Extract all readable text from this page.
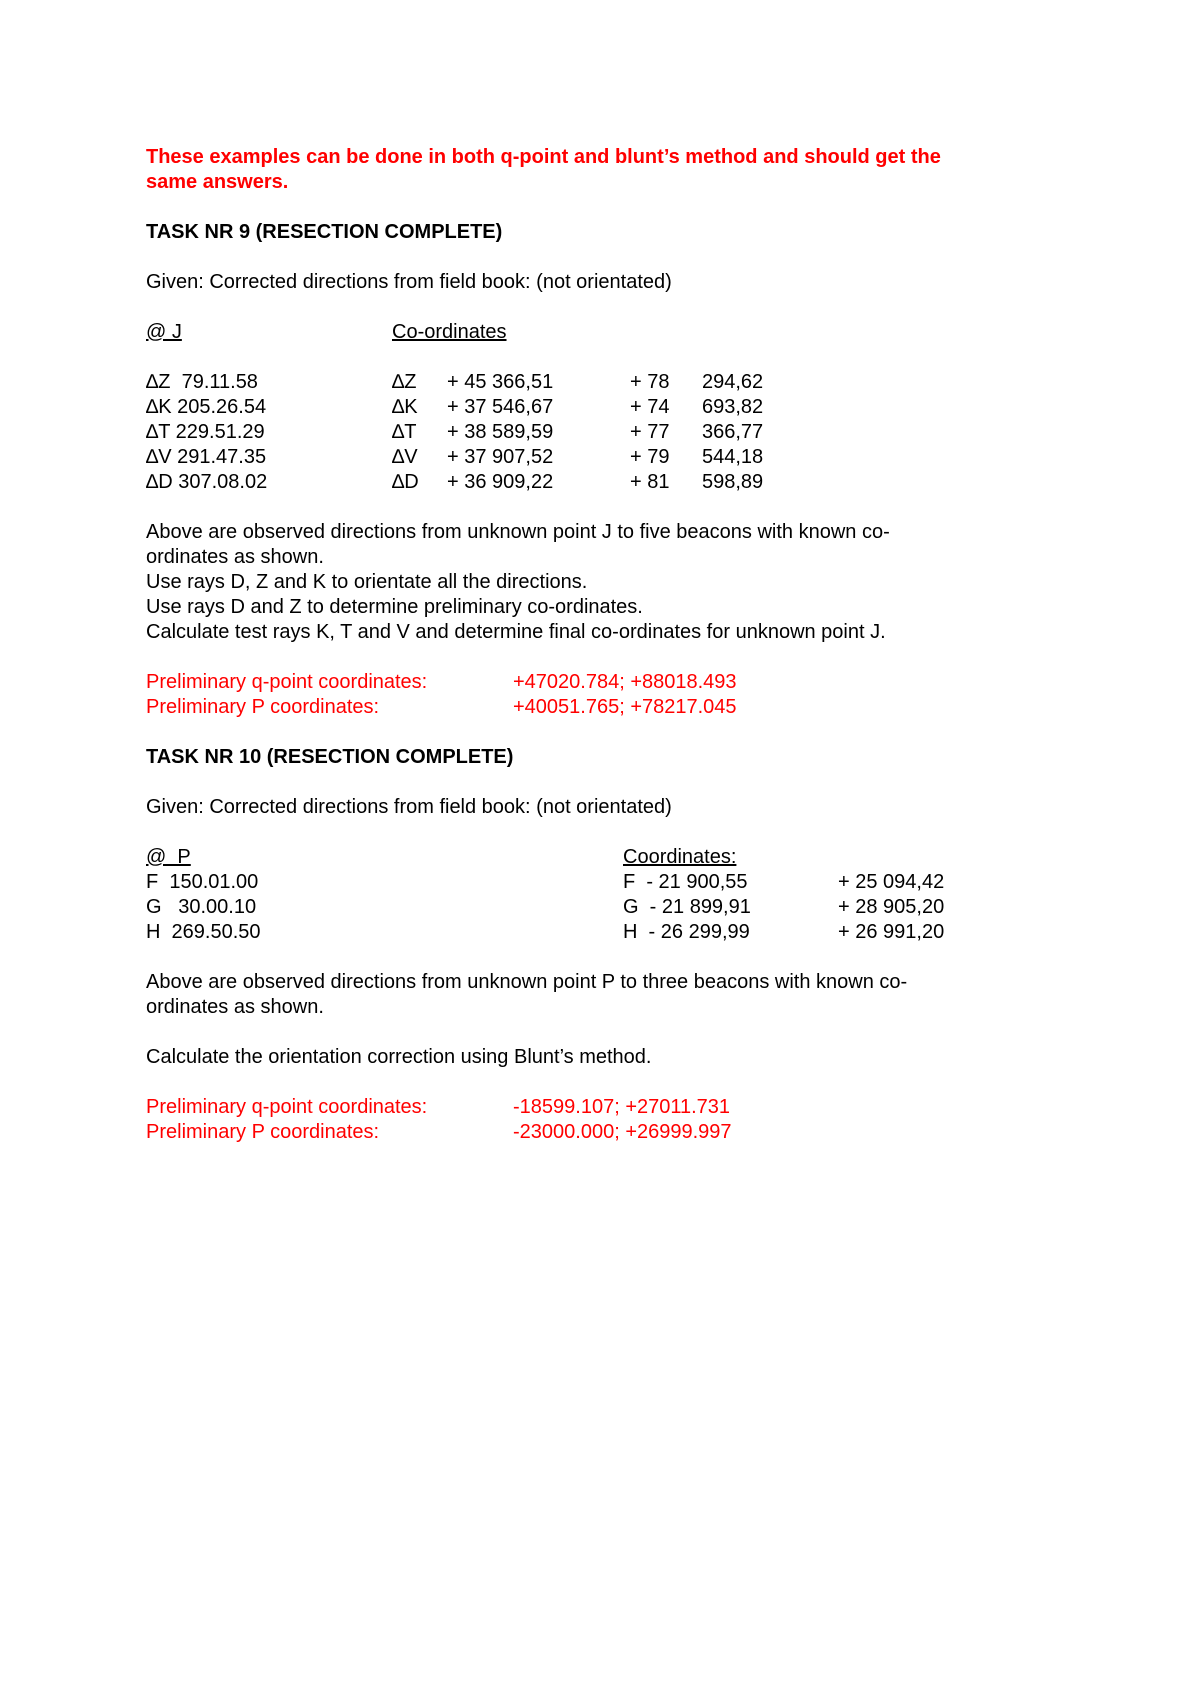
These examples can be done in both q-point and blunt’s method and should get the
same answers.
TASK NR 9 (RESECTION COMPLETE)
Given: Corrected directions from field book: (not orientated)
@ J	Co-ordinates
∆Z  79.11.58	∆Z + 45 366,51	+ 78 294,62
∆K 205.26.54	∆K + 37 546,67	+ 74 693,82
∆T 229.51.29	∆T + 38 589,59	+ 77 366,77
∆V 291.47.35	∆V + 37 907,52	+ 79 544,18
∆D 307.08.02	∆D + 36 909,22	+ 81 598,89
Above are observed directions from unknown point J to five beacons with known co-
ordinates as shown.
Use rays D, Z and K to orientate all the directions.
Use rays D and Z to determine preliminary co-ordinates.
Calculate test rays K, T and V and determine final co-ordinates for unknown point J.
Preliminary q-point coordinates:	+47020.784; +88018.493
Preliminary P coordinates:	+40051.765; +78217.045
TASK NR 10 (RESECTION COMPLETE)
Given: Corrected directions from field book: (not orientated)
@  P	Coordinates:
F  150.01.00	F  - 21 900,55	+ 25 094,42
G   30.00.10	G  - 21 899,91	+ 28 905,20
H  269.50.50	H  - 26 299,99	+ 26 991,20
Above are observed directions from unknown point P to three beacons with known co-
ordinates as shown.
Calculate the orientation correction using Blunt’s method.
Preliminary q-point coordinates:	-18599.107; +27011.731
Preliminary P coordinates:	-23000.000; +26999.997
